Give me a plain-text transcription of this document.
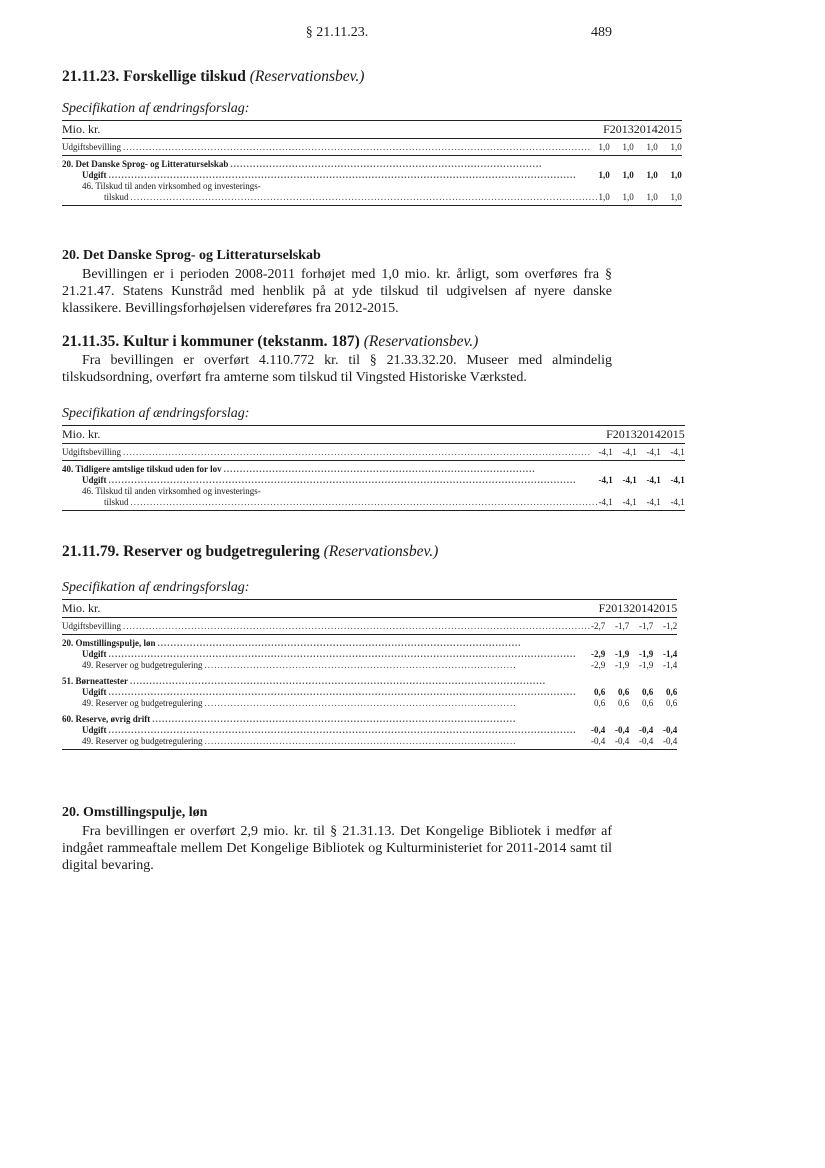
§ 21.11.23.	489

21.11.23. Forskellige tilskud (Reservationsbev.)

Specifikation af ændringsforslag:
Mio. kr.	F	2013	2014	2015

Udgiftsbevilling ................................................................................................................................................	1,0	1,0	1,0	1,0

20. Det Danske Sprog- og Litteraturselskab ................................................................................................				

Udgift ................................................................................................................................................	1,0	1,0	1,0	1,0

46. Tilskud til anden virksomhed og investerings-				

tilskud ................................................................................................................................................	1,0	1,0	1,0	1,0

20. Det Danske Sprog- og Litteraturselskab

Bevillingen er i perioden 2008-2011 forhøjet med 1,0 mio. kr. årligt, som overføres fra § 21.21.47. Statens Kunstråd med henblik på at yde tilskud til udgivelsen af nyere danske klassikere. Bevillingsforhøjelsen videreføres fra 2012-2015.

21.11.35. Kultur i kommuner (tekstanm. 187) (Reservationsbev.)

Fra bevillingen er overført 4.110.772 kr. til § 21.33.32.20. Museer med almindelig tilskudsordning, overført fra amterne som tilskud til Vingsted Historiske Værksted.

Specifikation af ændringsforslag:
Mio. kr.	F	2013	2014	2015

Udgiftsbevilling ................................................................................................................................................	-4,1	-4,1	-4,1	-4,1

40. Tidligere amtslige tilskud uden for lov ................................................................................................				

Udgift ................................................................................................................................................	-4,1	-4,1	-4,1	-4,1

46. Tilskud til anden virksomhed og investerings-				

tilskud ................................................................................................................................................	-4,1	-4,1	-4,1	-4,1

21.11.79. Reserver og budgetregulering (Reservationsbev.)

Specifikation af ændringsforslag:
Mio. kr.	F	2013	2014	2015

Udgiftsbevilling ................................................................................................................................................	-2,7	-1,7	-1,7	-1,2

20. Omstillingspulje, løn ................................................................................................................				

Udgift ................................................................................................................................................	-2,9	-1,9	-1,9	-1,4

49. Reserver og budgetregulering ................................................................................................	-2,9	-1,9	-1,9	-1,4

51. Børneattester ................................................................................................................................				

Udgift ................................................................................................................................................	0,6	0,6	0,6	0,6

49. Reserver og budgetregulering ................................................................................................	0,6	0,6	0,6	0,6

60. Reserve, øvrig drift ................................................................................................................				

Udgift ................................................................................................................................................	-0,4	-0,4	-0,4	-0,4

49. Reserver og budgetregulering ................................................................................................	-0,4	-0,4	-0,4	-0,4

20. Omstillingspulje, løn

Fra bevillingen er overført 2,9 mio. kr. til § 21.31.13. Det Kongelige Bibliotek i medfør af indgået rammeaftale mellem Det Kongelige Bibliotek og Kulturministeriet for 2011-2014 samt til digital bevaring.
